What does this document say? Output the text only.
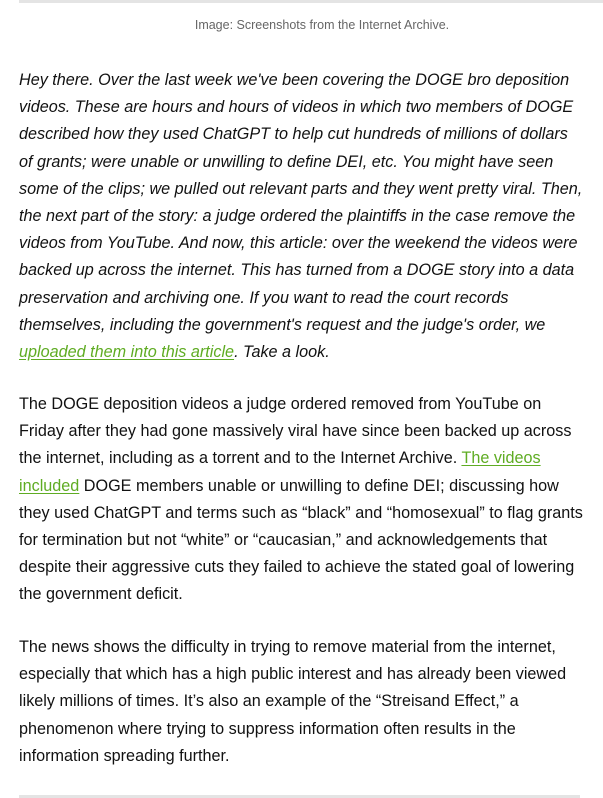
Image: Screenshots from the Internet Archive.

Hey there. Over the last week we've been covering the DOGE bro deposition videos. These are hours and hours of videos in which two members of DOGE described how they used ChatGPT to help cut hundreds of millions of dollars of grants; were unable or unwilling to define DEI, etc. You might have seen some of the clips; we pulled out relevant parts and they went pretty viral. Then, the next part of the story: a judge ordered the plaintiffs in the case remove the videos from YouTube. And now, this article: over the weekend the videos were backed up across the internet. This has turned from a DOGE story into a data preservation and archiving one. If you want to read the court records themselves, including the government's request and the judge's order, we uploaded them into this article. Take a look.

The DOGE deposition videos a judge ordered removed from YouTube on Friday after they had gone massively viral have since been backed up across the internet, including as a torrent and to the Internet Archive. The videos included DOGE members unable or unwilling to define DEI; discussing how they used ChatGPT and terms such as “black” and “homosexual” to flag grants for termination but not “white” or “caucasian,” and acknowledgements that despite their aggressive cuts they failed to achieve the stated goal of lowering the government deficit.

The news shows the difficulty in trying to remove material from the internet, especially that which has a high public interest and has already been viewed likely millions of times. It’s also an example of the “Streisand Effect,” a phenomenon where trying to suppress information often results in the information spreading further.
